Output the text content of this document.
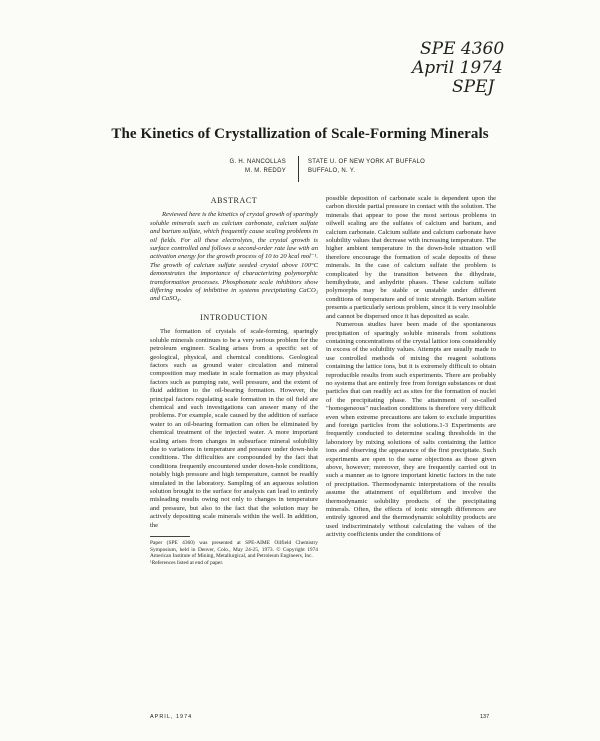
SPE 4360
April 1974
SPEJ
The Kinetics of Crystallization of Scale-Forming Minerals
G. H. NANCOLLAS
M. M. REDDY
STATE U. OF NEW YORK AT BUFFALO
BUFFALO, N. Y.
ABSTRACT

Reviewed here is the kinetics of crystal growth of sparingly soluble minerals such as calcium carbonate, calcium sulfate and barium sulfate, which frequently cause scaling problems in oil fields. For all these electrolytes, the crystal growth is surface controlled and follows a second-order rate law with an activation energy for the growth process of 10 to 20 kcal mol⁻¹. The growth of calcium sulfate seeded crystal above 100°C demonstrates the importance of characterizing polymorphic transformation processes. Phosphonate scale inhibitors show differing modes of inhibitive in systems precipitating CaCO₃ and CaSO₄.

INTRODUCTION

The formation of crystals of scale-forming, sparingly soluble minerals continues to be a very serious problem for the petroleum engineer. Scaling arises from a specific set of geological, physical, and chemical conditions. Geological factors such as ground water circulation and mineral composition may mediate in scale formation as may physical factors such as pumping rate, well pressure, and the extent of fluid addition to the oil-bearing formation. However, the principal factors regulating scale formation in the oil field are chemical and such investigations can answer many of the problems. For example, scale caused by the addition of surface water to an oil-bearing formation can often be eliminated by chemical treatment of the injected water. A more important scaling arises from changes in subsurface mineral solubility due to variations in temperature and pressure under down-hole conditions. The difficulties are compounded by the fact that conditions frequently encountered under down-hole conditions, notably high pressure and high temperature, cannot be readily simulated in the laboratory. Sampling of an aqueous solution solution brought to the surface for analysis can lead to entirely misleading results owing not only to changes in temperature and pressure, but also to the fact that the solution may be actively depositing scale minerals within the well. In addition, the

Paper (SPE 4360) was presented at SPE-AIME Oilfield Chemistry Symposium, held in Denver, Colo., May 24-25, 1973. © Copyright 1974 American Institute of Mining, Metallurgical, and Petroleum Engineers, Inc.

¹References listed at end of paper.

possible deposition of carbonate scale is dependent upon the carbon dioxide partial pressure in contact with the solution. The minerals that appear to pose the most serious problems in oilwell scaling are the sulfates of calcium and barium, and calcium carbonate. Calcium sulfate and calcium carbonate have solubility values that decrease with increasing temperature. The higher ambient temperature in the down-hole situation will therefore encourage the formation of scale deposits of these minerals. In the case of calcium sulfate the problem is complicated by the transition between the dihydrate, hemihydrate, and anhydrite phases. These calcium sulfate polymorphs may be stable or unstable under different conditions of temperature and of ionic strength. Barium sulfate presents a particularly serious problem, since it is very insoluble and cannot be dispersed once it has deposited as scale.

Numerous studies have been made of the spontaneous precipitation of sparingly soluble minerals from solutions containing concentrations of the crystal lattice ions considerably in excess of the solubility values. Attempts are usually made to use controlled methods of mixing the reagent solutions containing the lattice ions, but it is extremely difficult to obtain reproducible results from such experiments. There are probably no systems that are entirely free from foreign substances or dust particles that can readily act as sites for the formation of nuclei of the precipitating phase. The attainment of so-called "homogeneous" nucleation conditions is therefore very difficult even when extreme precautions are taken to exclude impurities and foreign particles from the solutions.1-3 Experiments are frequently conducted to determine scaling thresholds in the laboratory by mixing solutions of salts containing the lattice ions and observing the appearance of the first precipitate. Such experiments are open to the same objections as those given above, however; moreover, they are frequently carried out in such a manner as to ignore important kinetic factors in the rate of precipitation. Thermodynamic interpretations of the results assume the attainment of equilibrium and involve the thermodynamic solubility products of the precipitating minerals. Often, the effects of ionic strength differences are entirely ignored and the thermodynamic solubility products are used indiscriminately without calculating the values of the activity coefficients under the conditions of

APRIL, 1974	137
